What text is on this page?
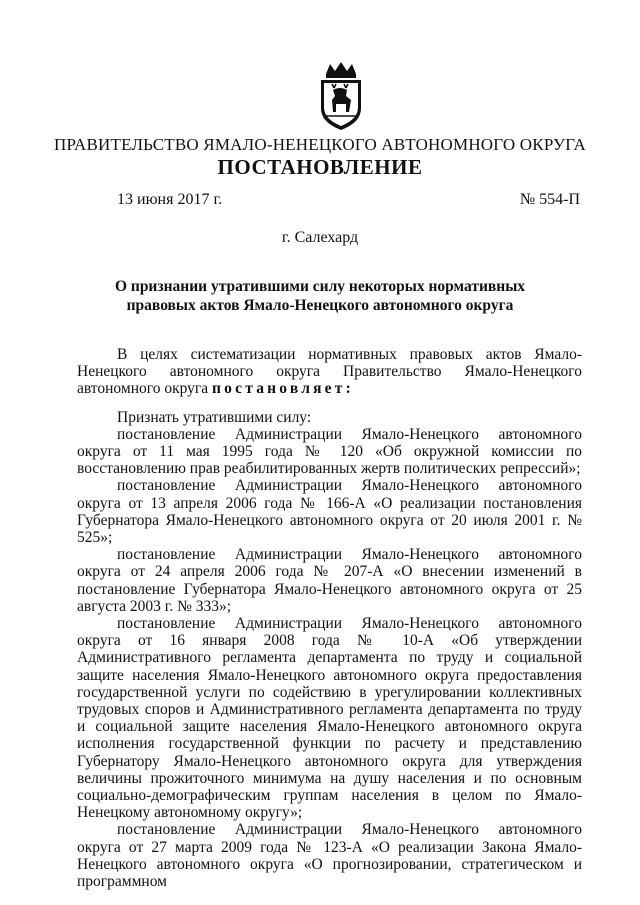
ПРАВИТЕЛЬСТВО ЯМАЛО-НЕНЕЦКОГО АВТОНОМНОГО ОКРУГА
ПОСТАНОВЛЕНИЕ
13 июня 2017 г.	№ 554-П
г. Салехард
О признании утратившими силу некоторых нормативных
правовых актов Ямало-Ненецкого автономного округа

В целях систематизации нормативных правовых актов Ямало-Ненецкого автономного округа Правительство Ямало-Ненецкого автономного округа постановляет:

Признать утратившими силу:

постановление Администрации Ямало-Ненецкого автономного округа от 11 мая 1995 года № 120 «Об окружной комиссии по восстановлению прав реабилитированных жертв политических репрессий»;

постановление Администрации Ямало-Ненецкого автономного округа от 13 апреля 2006 года № 166-А «О реализации постановления Губернатора Ямало-Ненецкого автономного округа от 20 июля 2001 г. № 525»;

постановление Администрации Ямало-Ненецкого автономного округа от 24 апреля 2006 года № 207-А «О внесении изменений в постановление Губернатора Ямало-Ненецкого автономного округа от 25 августа 2003 г. № 333»;

постановление Администрации Ямало-Ненецкого автономного округа от 16 января 2008 года № 10-А «Об утверждении Административного регламента департамента по труду и социальной защите населения Ямало-Ненецкого автономного округа предоставления государственной услуги по содействию в урегулировании коллективных трудовых споров и Административного регламента департамента по труду и социальной защите населения Ямало-Ненецкого автономного округа исполнения государственной функции по расчету и представлению Губернатору Ямало-Ненецкого автономного округа для утверждения величины прожиточного минимума на душу населения и по основным социально-демографическим группам населения в целом по Ямало-Ненецкому автономному округу»;

постановление Администрации Ямало-Ненецкого автономного округа от 27 марта 2009 года № 123-А «О реализации Закона Ямало-Ненецкого автономного округа «О прогнозировании, стратегическом и программном
